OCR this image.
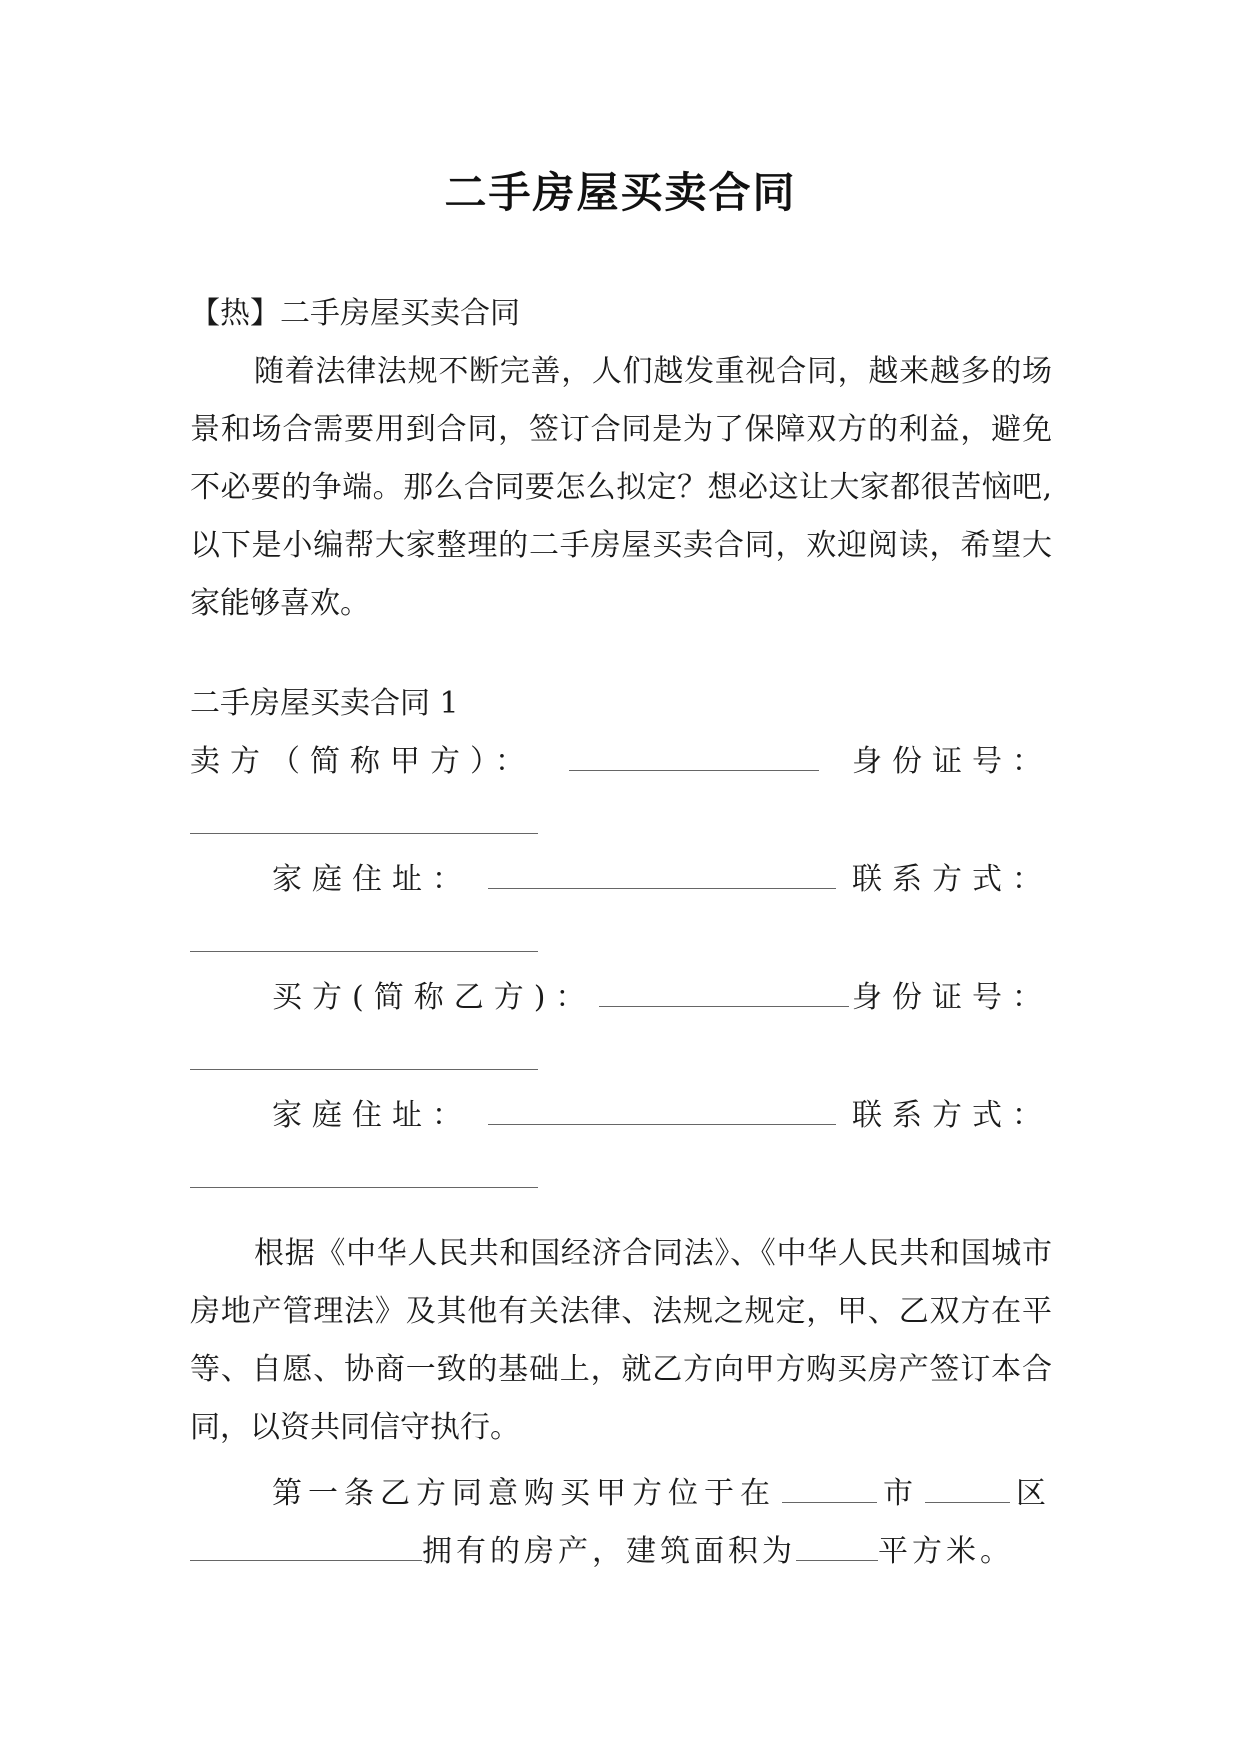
二手房屋买卖合同

【热】二手房屋买卖合同

随着法律法规不断完善，人们越发重视合同，越来越多的场景和场合需要用到合同，签订合同是为了保障双方的利益，避免不必要的争端。那么合同要怎么拟定？想必这让大家都很苦恼吧,以下是小编帮大家整理的二手房屋买卖合同，欢迎阅读，希望大家能够喜欢。

二手房屋买卖合同 1

卖方（简称甲方）：	身份证号：
家庭住址：	联系方式：
买方(简称乙方)：	身份证号：
家庭住址：	联系方式：

根据《中华人民共和国经济合同法》、《中华人民共和国城市房地产管理法》及其他有关法律、法规之规定，甲、乙双方在平等、自愿、协商一致的基础上，就乙方向甲方购买房产签订本合同，以资共同信守执行。

第一条乙方同意购买甲方位于在	市	区
拥有的房产，建筑面积为	平方米。
